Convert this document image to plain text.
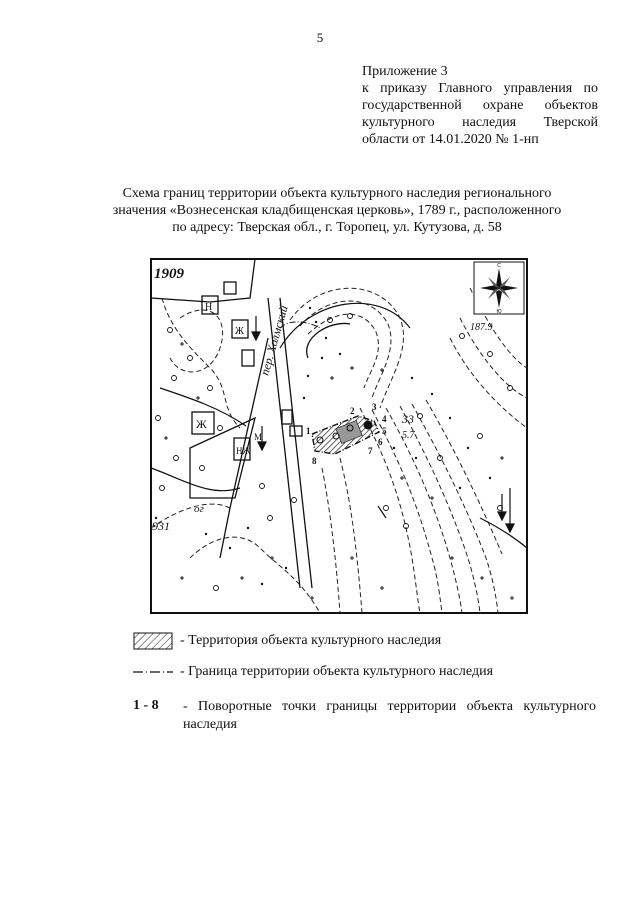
5
Приложение 3
к приказу Главного управления по
государственной охране объектов
культурного наследия Тверской
области от 14.01.2020 № 1-нп
Схема границ территории объекта культурного наследия регионального
значения «Вознесенская кладбищенская церковь», 1789 г., расположенного
по адресу: Тверская обл., г. Торопец, ул. Кутузова, д. 58
С
Ю
1909
пер. Холмский	187.9
33
5.7
931
ог
Н
Ж
Ж
НЖ
М
1
2 3
4
5
6
7
8
- Территория объекта культурного наследия
- Граница территории объекта культурного наследия
1 - 8 - Поворотные точки границы территории объекта культурного
наследия
